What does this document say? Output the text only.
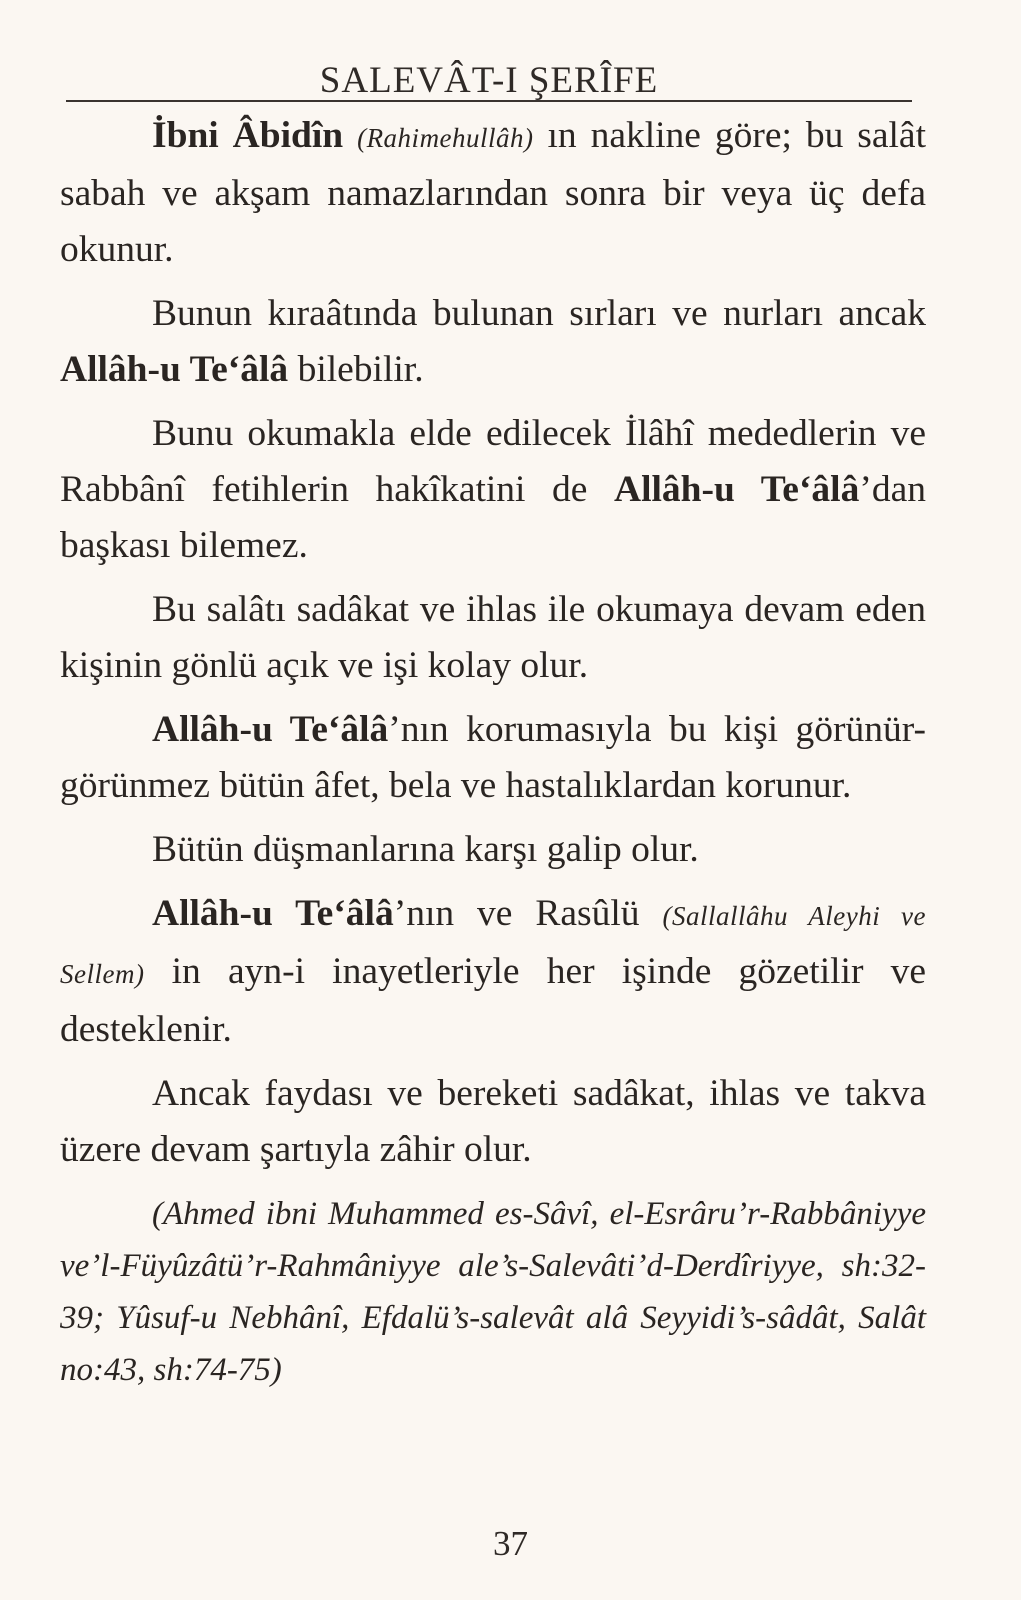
SALEVÂT-I ŞERÎFE

İbni Âbidîn (Rahimehullâh) ın nakline göre; bu salât sabah ve akşam namazlarından sonra bir veya üç defa okunur.

Bunun kıraâtında bulunan sırları ve nurları ancak Allâh-u Te‘âlâ bilebilir.

Bunu okumakla elde edilecek İlâhî mededlerin ve Rabbânî fetihlerin hakîkatini de Allâh-u Te‘âlâ’dan başkası bilemez.

Bu salâtı sadâkat ve ihlas ile okumaya devam eden kişinin gönlü açık ve işi kolay olur.

Allâh-u Te‘âlâ’nın korumasıyla bu kişi görünür-görünmez bütün âfet, bela ve hastalıklardan korunur.

Bütün düşmanlarına karşı galip olur.

Allâh-u Te‘âlâ’nın ve Rasûlü (Sallallâhu Aleyhi ve Sellem) in ayn-i inayetleriyle her işinde gözetilir ve desteklenir.

Ancak faydası ve bereketi sadâkat, ihlas ve takva üzere devam şartıyla zâhir olur.

(Ahmed ibni Muhammed es-Sâvî, el-Esrâru’r-Rabbâniyye ve’l-Füyûzâtü’r-Rahmâniyye ale’s-Salevâti’d-Derdîriyye, sh:32-39; Yûsuf-u Nebhânî, Efdalü’s-salevât alâ Seyyidi’s-sâdât, Salât no:43, sh:74-75)

37
